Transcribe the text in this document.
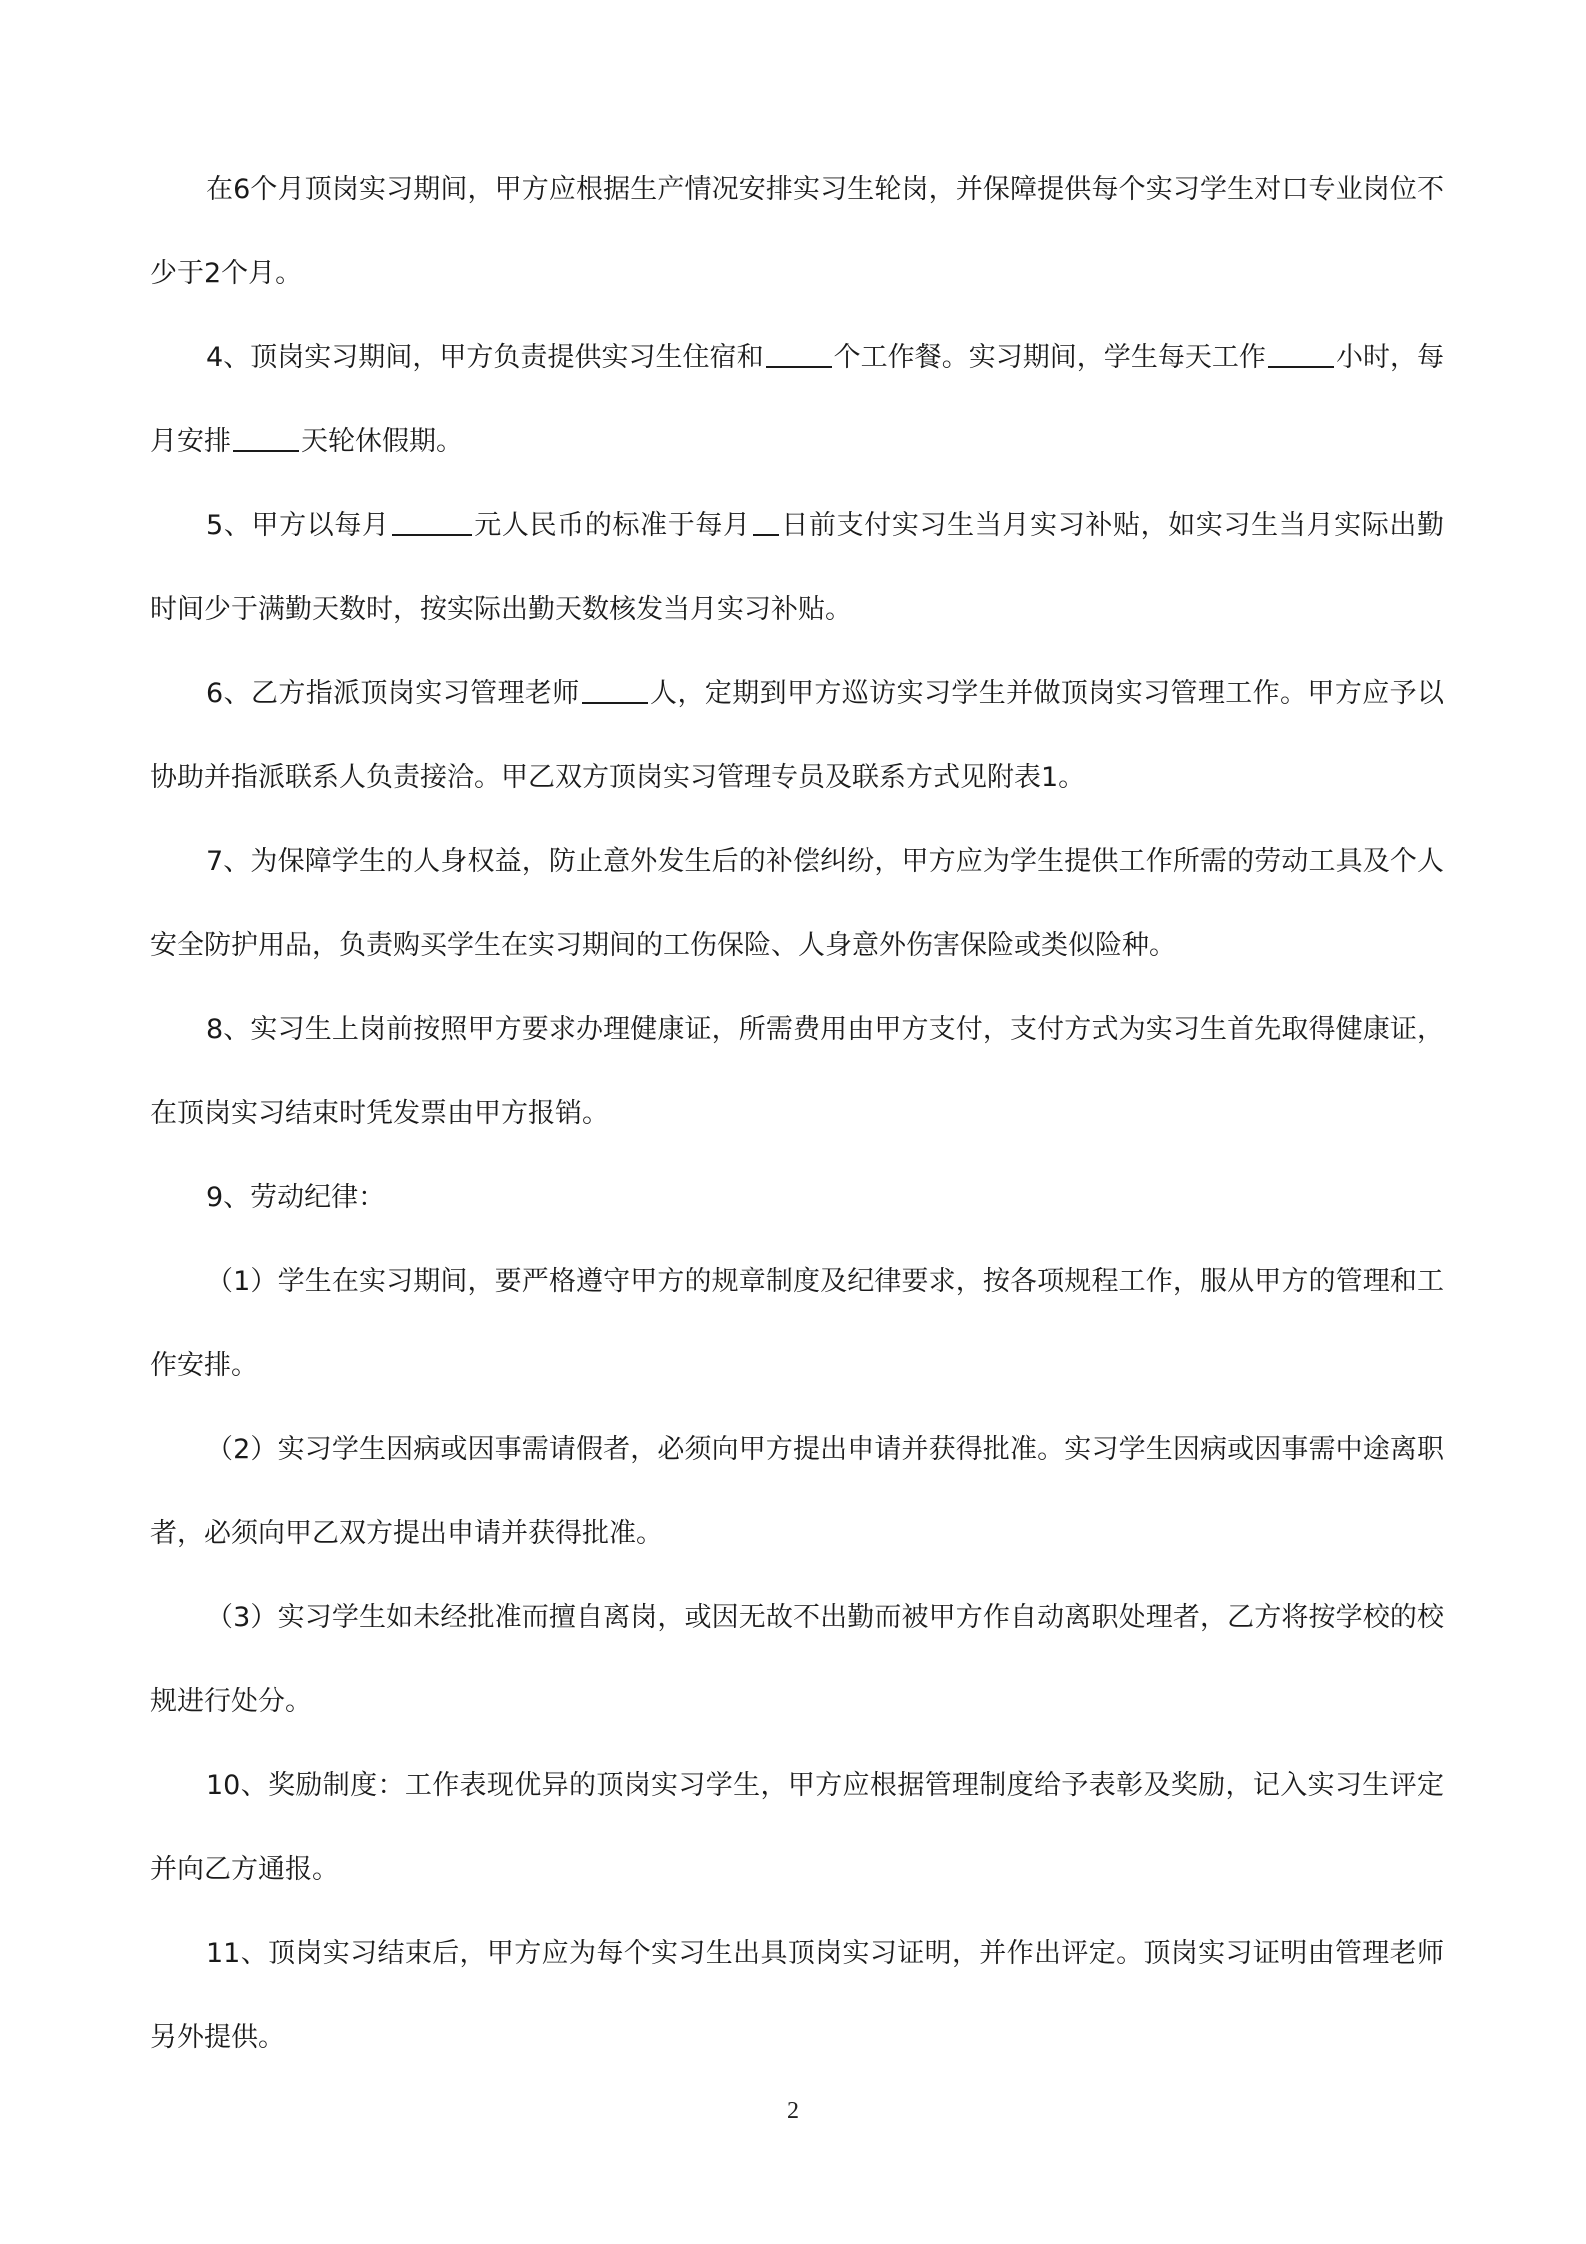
在6个月顶岗实习期间，甲方应根据生产情况安排实习生轮岗，并保障提供每个实习学生对口专业岗位不少于2个月。

4、顶岗实习期间，甲方负责提供实习生住宿和	个工作餐。实习期间，学生每天工作	小时，每月安排	天轮休假期。

5、甲方以每月	元人民币的标准于每月 日前支付实习生当月实习补贴，如实习生当月实际出勤时间少于满勤天数时，按实际出勤天数核发当月实习补贴。

6、乙方指派顶岗实习管理老师	人，定期到甲方巡访实习学生并做顶岗实习管理工作。甲方应予以协助并指派联系人负责接洽。甲乙双方顶岗实习管理专员及联系方式见附表1。

7、为保障学生的人身权益，防止意外发生后的补偿纠纷，甲方应为学生提供工作所需的劳动工具及个人安全防护用品，负责购买学生在实习期间的工伤保险、人身意外伤害保险或类似险种。

8、实习生上岗前按照甲方要求办理健康证，所需费用由甲方支付，支付方式为实习生首先取得健康证，在顶岗实习结束时凭发票由甲方报销。

9、劳动纪律：

（1）学生在实习期间，要严格遵守甲方的规章制度及纪律要求，按各项规程工作，服从甲方的管理和工作安排。

（2）实习学生因病或因事需请假者，必须向甲方提出申请并获得批准。实习学生因病或因事需中途离职者，必须向甲乙双方提出申请并获得批准。

（3）实习学生如未经批准而擅自离岗，或因无故不出勤而被甲方作自动离职处理者，乙方将按学校的校规进行处分。

10、奖励制度：工作表现优异的顶岗实习学生，甲方应根据管理制度给予表彰及奖励，记入实习生评定并向乙方通报。

11、顶岗实习结束后，甲方应为每个实习生出具顶岗实习证明，并作出评定。顶岗实习证明由管理老师另外提供。

2
